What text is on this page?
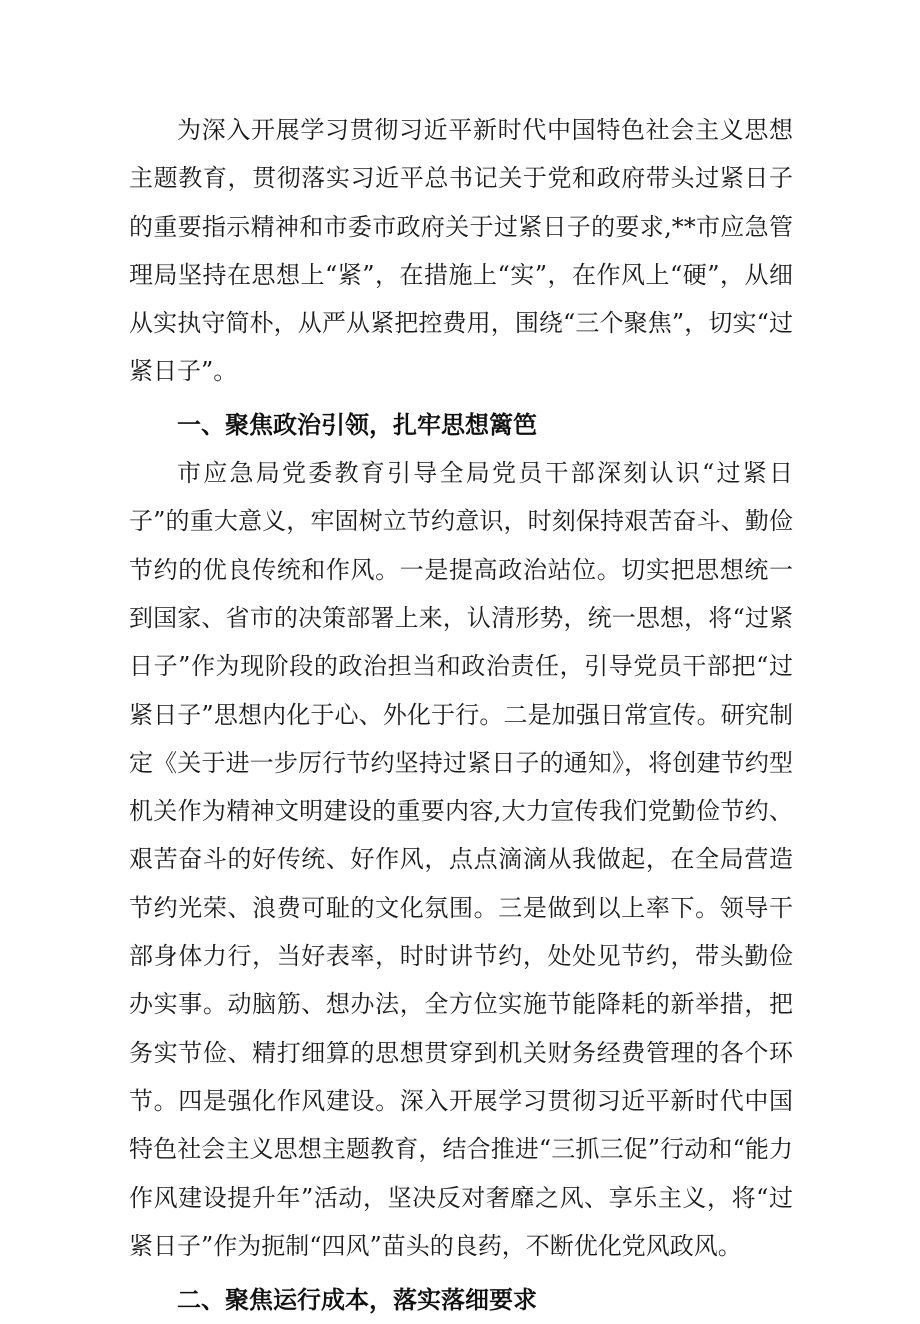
为深入开展学习贯彻习近平新时代中国特色社会主义思想主题教育，贯彻落实习近平总书记关于党和政府带头过紧日子的重要指示精神和市委市政府关于过紧日子的要求,**市应急管理局坚持在思想上“紧”，在措施上“实”，在作风上“硬”，从细从实执守简朴，从严从紧把控费用，围绕“三个聚焦”，切实“过紧日子”。

一、聚焦政治引领，扎牢思想篱笆

市应急局党委教育引导全局党员干部深刻认识“过紧日子”的重大意义，牢固树立节约意识，时刻保持艰苦奋斗、勤俭节约的优良传统和作风。一是提高政治站位。切实把思想统一到国家、省市的决策部署上来，认清形势，统一思想，将“过紧日子”作为现阶段的政治担当和政治责任，引导党员干部把“过紧日子”思想内化于心、外化于行。二是加强日常宣传。研究制定《关于进一步厉行节约坚持过紧日子的通知》，将创建节约型机关作为精神文明建设的重要内容,大力宣传我们党勤俭节约、艰苦奋斗的好传统、好作风，点点滴滴从我做起，在全局营造节约光荣、浪费可耻的文化氛围。三是做到以上率下。领导干部身体力行，当好表率，时时讲节约，处处见节约，带头勤俭办实事。动脑筋、想办法，全方位实施节能降耗的新举措，把务实节俭、精打细算的思想贯穿到机关财务经费管理的各个环节。四是强化作风建设。深入开展学习贯彻习近平新时代中国特色社会主义思想主题教育，结合推进“三抓三促”行动和“能力作风建设提升年”活动，坚决反对奢靡之风、享乐主义，将“过紧日子”作为扼制“四风”苗头的良药，不断优化党风政风。

二、聚焦运行成本，落实落细要求
